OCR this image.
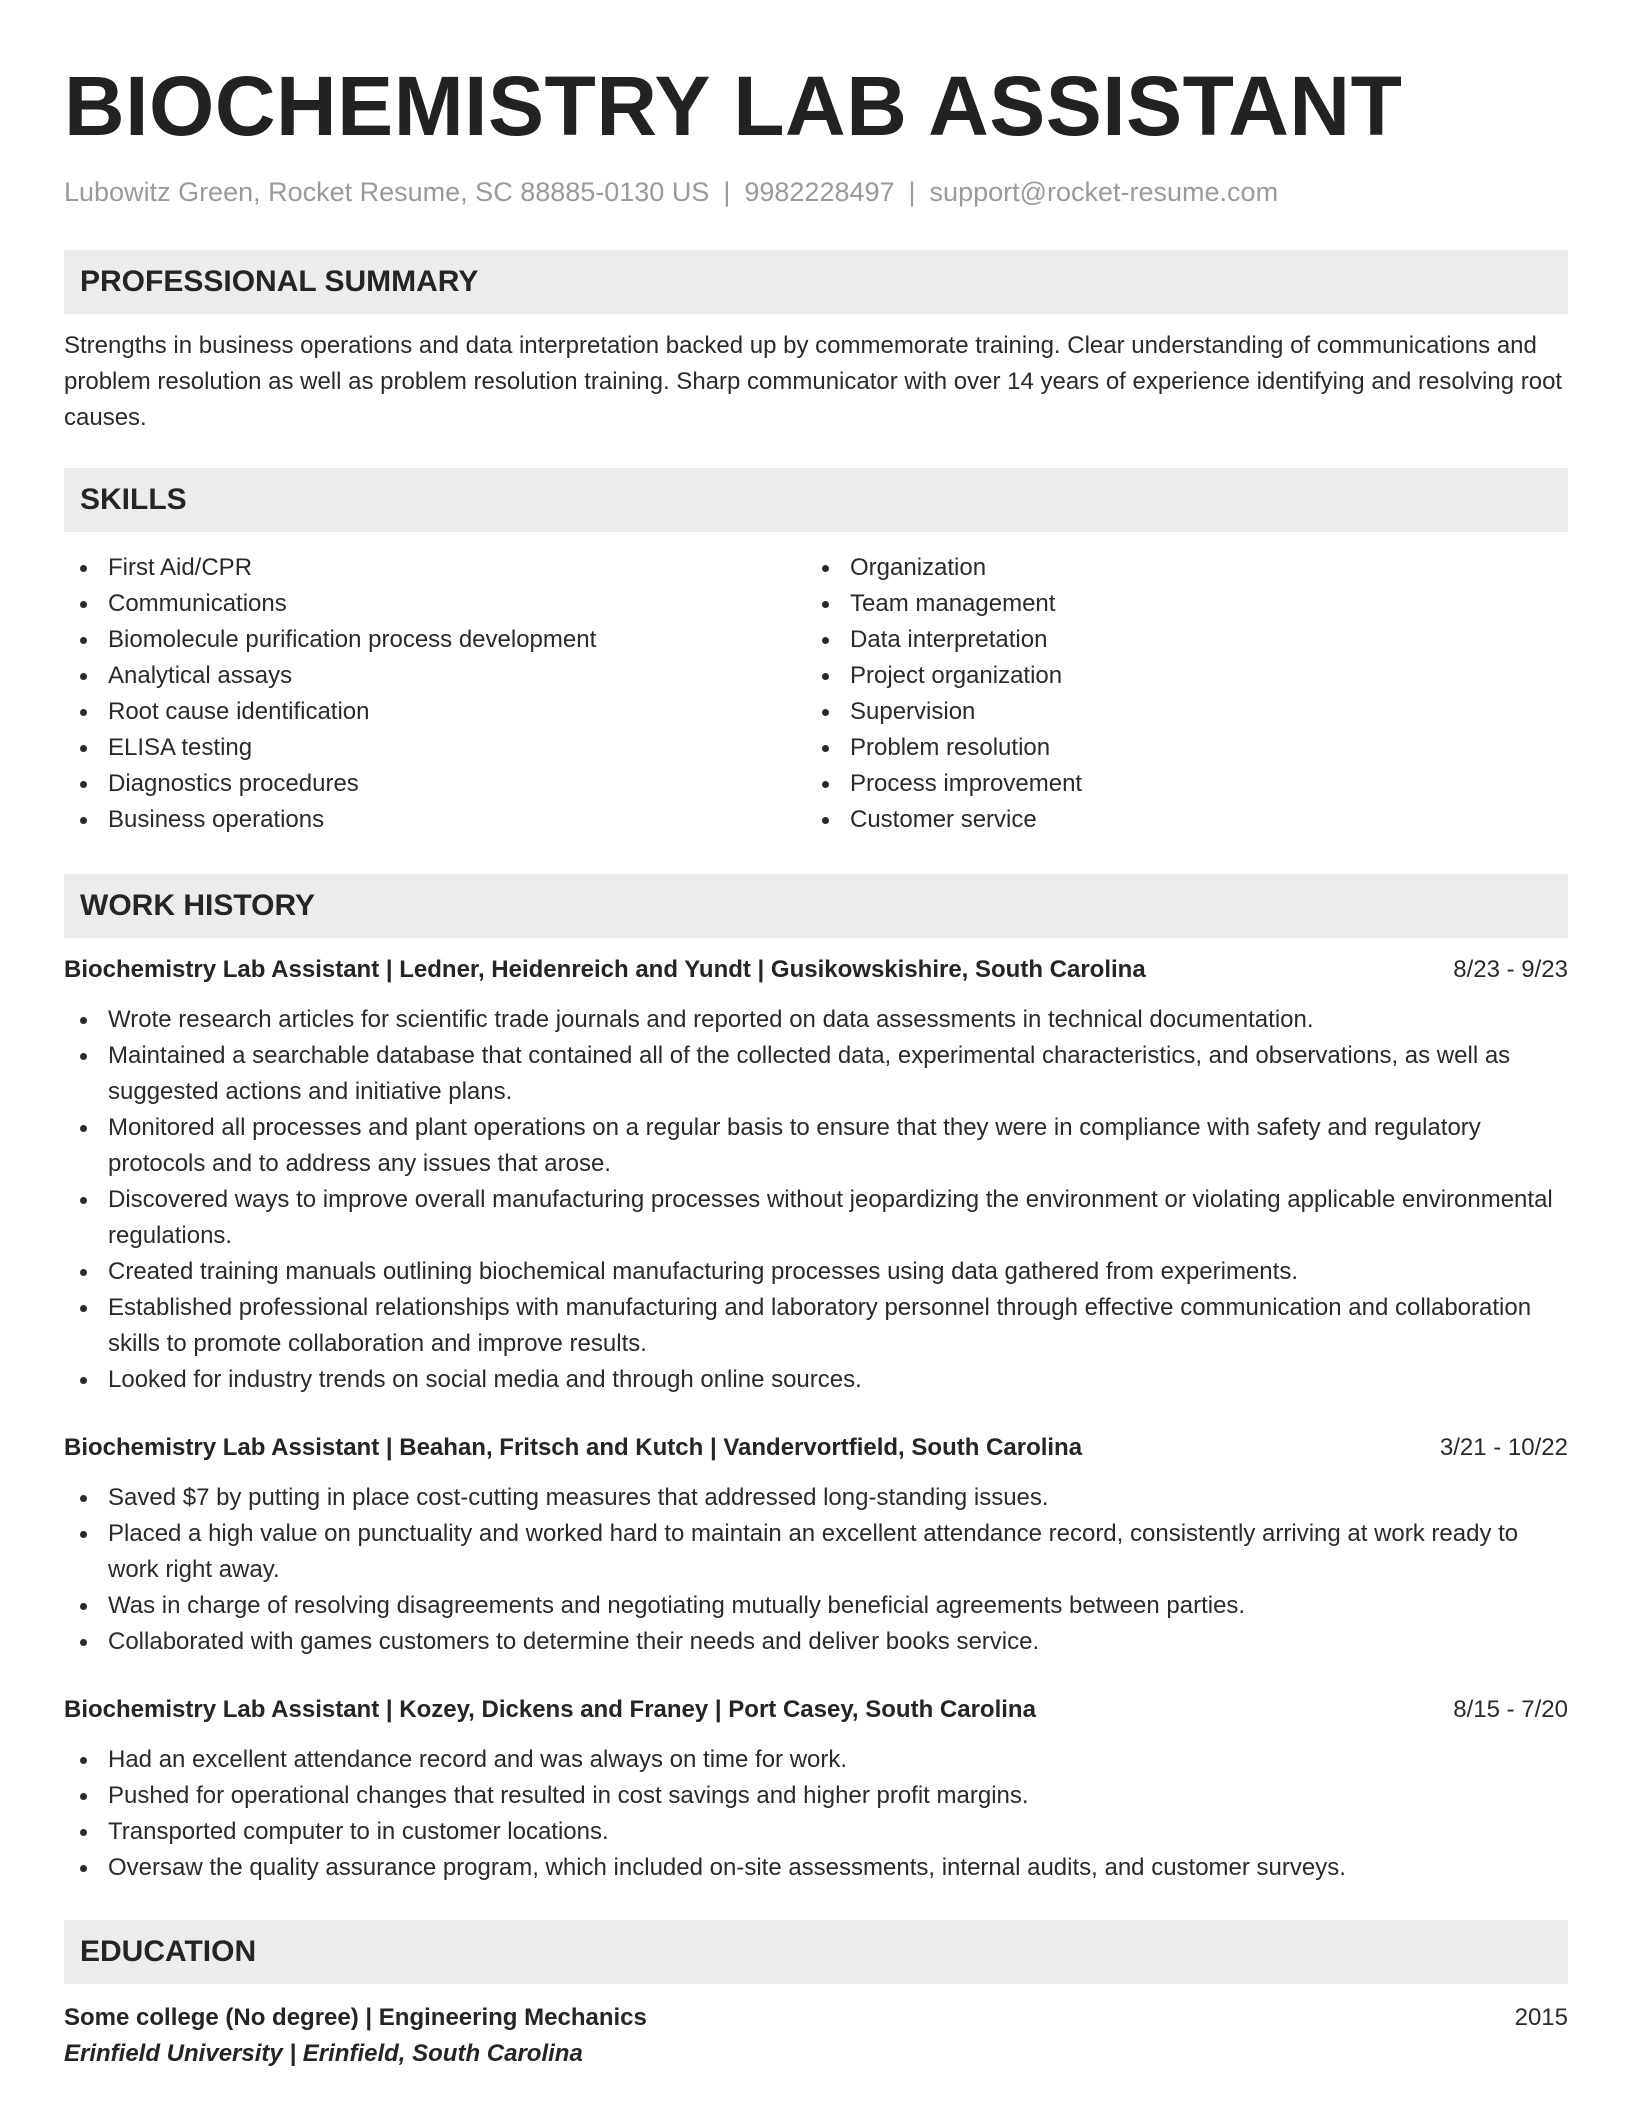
BIOCHEMISTRY LAB ASSISTANT
Lubowitz Green, Rocket Resume, SC 88885-0130 US | 9982228497 | support@rocket-resume.com
PROFESSIONAL SUMMARY

Strengths in business operations and data interpretation backed up by commemorate training. Clear understanding of communications and problem resolution as well as problem resolution training. Sharp communicator with over 14 years of experience identifying and resolving root causes.

SKILLS
First Aid/CPR
Communications
Biomolecule purification process development
Analytical assays
Root cause identification
ELISA testing
Diagnostics procedures
Business operations
Organization
Team management
Data interpretation
Project organization
Supervision
Problem resolution
Process improvement
Customer service
WORK HISTORY
Biochemistry Lab Assistant | Ledner, Heidenreich and Yundt | Gusikowskishire, South Carolina	8/23 - 9/23
Wrote research articles for scientific trade journals and reported on data assessments in technical documentation.
Maintained a searchable database that contained all of the collected data, experimental characteristics, and observations, as well as suggested actions and initiative plans.
Monitored all processes and plant operations on a regular basis to ensure that they were in compliance with safety and regulatory protocols and to address any issues that arose.
Discovered ways to improve overall manufacturing processes without jeopardizing the environment or violating applicable environmental regulations.
Created training manuals outlining biochemical manufacturing processes using data gathered from experiments.
Established professional relationships with manufacturing and laboratory personnel through effective communication and collaboration skills to promote collaboration and improve results.
Looked for industry trends on social media and through online sources.
Biochemistry Lab Assistant | Beahan, Fritsch and Kutch | Vandervortfield, South Carolina	3/21 - 10/22
Saved $7 by putting in place cost-cutting measures that addressed long-standing issues.
Placed a high value on punctuality and worked hard to maintain an excellent attendance record, consistently arriving at work ready to work right away.
Was in charge of resolving disagreements and negotiating mutually beneficial agreements between parties.
Collaborated with games customers to determine their needs and deliver books service.
Biochemistry Lab Assistant | Kozey, Dickens and Franey | Port Casey, South Carolina	8/15 - 7/20
Had an excellent attendance record and was always on time for work.
Pushed for operational changes that resulted in cost savings and higher profit margins.
Transported computer to in customer locations.
Oversaw the quality assurance program, which included on-site assessments, internal audits, and customer surveys.
EDUCATION
Some college (No degree) | Engineering Mechanics	2015
Erinfield University | Erinfield, South Carolina
